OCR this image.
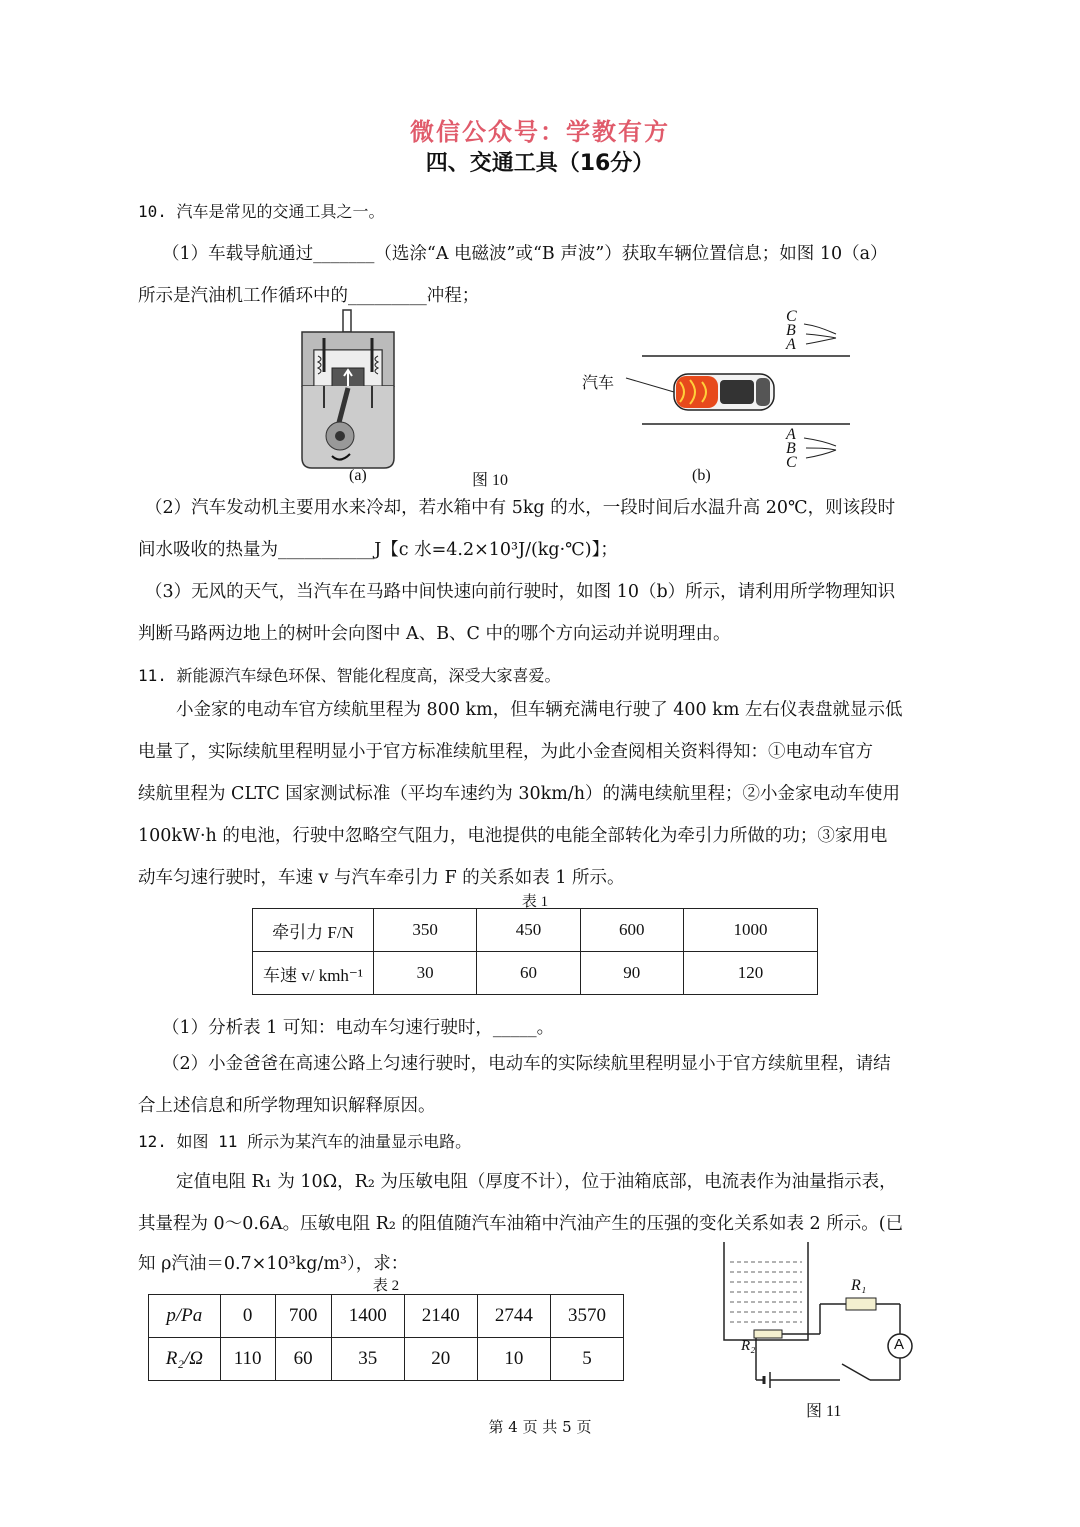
微信公众号：学教有方
四、交通工具（16分）
10. 汽车是常见的交通工具之一。
（1）车载导航通过_______（选涂“A 电磁波”或“B 声波”）获取车辆位置信息；如图 10（a）
所示是汽油机工作循环中的_________冲程；
(a)	图 10	(b)
汽车
C
B
A
A
B
C
（2）汽车发动机主要用水来冷却，若水箱中有 5kg 的水，一段时间后水温升高 20℃，则该段时
间水吸收的热量为___________J【c 水=4.2×10³J/(kg·℃)】；
（3）无风的天气，当汽车在马路中间快速向前行驶时，如图 10（b）所示，请利用所学物理知识
判断马路两边地上的树叶会向图中 A、B、C 中的哪个方向运动并说明理由。
11. 新能源汽车绿色环保、智能化程度高，深受大家喜爱。
小金家的电动车官方续航里程为 800 km，但车辆充满电行驶了 400 km 左右仪表盘就显示低
电量了，实际续航里程明显小于官方标准续航里程，为此小金查阅相关资料得知：①电动车官方
续航里程为 CLTC 国家测试标准（平均车速约为 30km/h）的满电续航里程；②小金家电动车使用
100kW·h 的电池，行驶中忽略空气阻力，电池提供的电能全部转化为牵引力所做的功；③家用电
动车匀速行驶时，车速 v 与汽车牵引力 F 的关系如表 1 所示。
表 1
牵引力 F/N	350	450	600	1000
车速 v/ kmh⁻¹	30	60	90	120
（1）分析表 1 可知：电动车匀速行驶时，_____。
（2）小金爸爸在高速公路上匀速行驶时，电动车的实际续航里程明显小于官方续航里程，请结
合上述信息和所学物理知识解释原因。
12. 如图 11 所示为某汽车的油量显示电路。
定值电阻 R₁ 为 10Ω，R₂ 为压敏电阻（厚度不计），位于油箱底部，电流表作为油量指示表，
其量程为 0～0.6A。压敏电阻 R₂ 的阻值随汽车油箱中汽油产生的压强的变化关系如表 2 所示。(已
知 ρ汽油＝0.7×10³kg/m³），求：
表 2
p/Pa	0	700	1400	2140	2744	3570
R₂/Ω	110	60	35	20	10	5
R₁
R₂	A
图 11
第 4 页 共 5 页
